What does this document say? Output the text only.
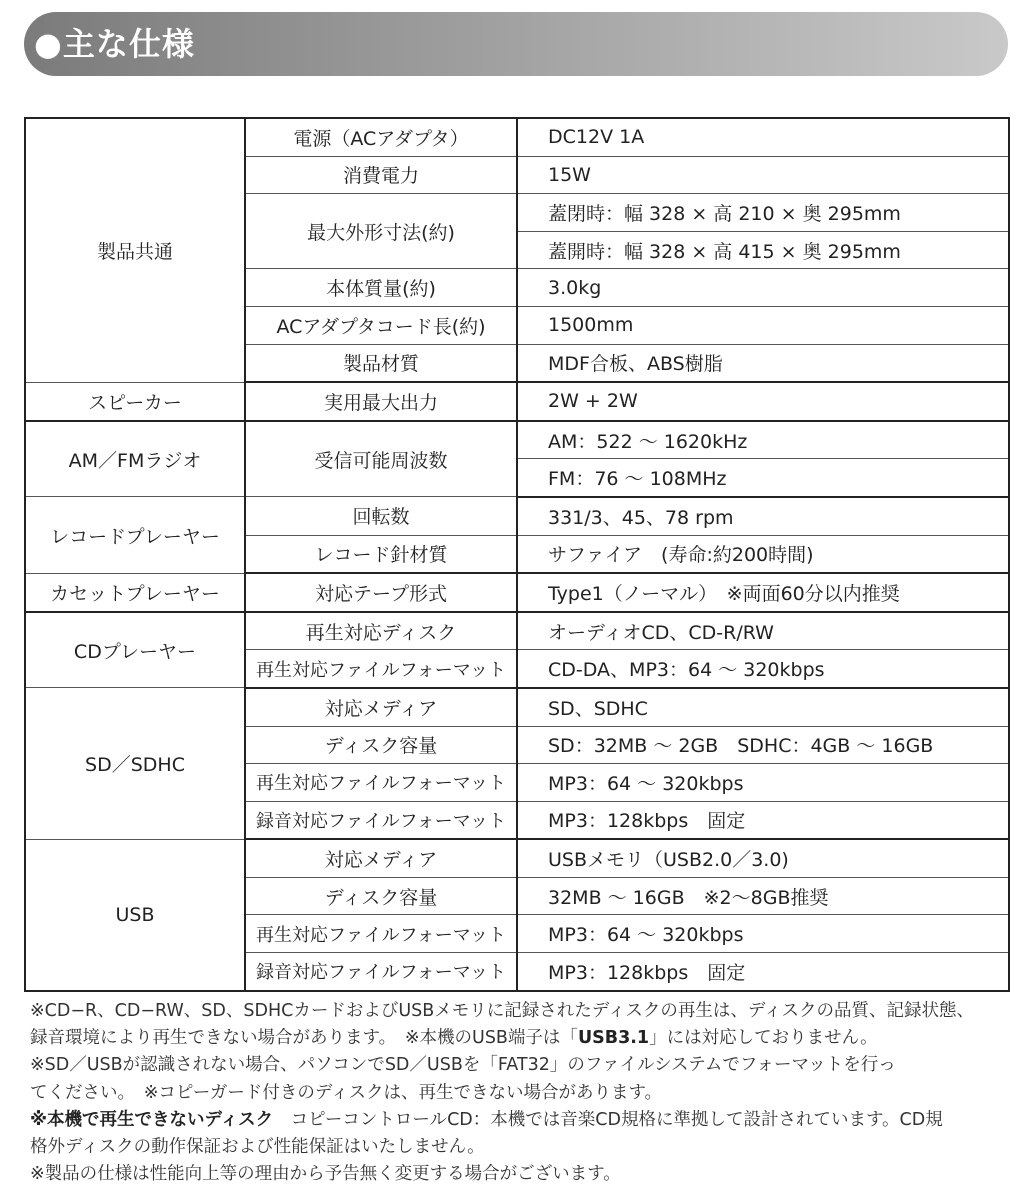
●主な仕様
製品共通	電源（ACアダプタ）	DC12V 1A
	消費電力	15W
	最大外形寸法(約)	蓋閉時：幅 328 × 高 210 × 奥 295mm
		蓋開時：幅 328 × 高 415 × 奥 295mm
	本体質量(約)	3.0kg
	ACアダプタコード長(約)	1500mm
	製品材質	MDF合板、ABS樹脂
スピーカー	実用最大出力	2W + 2W
AM／FMラジオ	受信可能周波数	AM：522 〜 1620kHz
		FM：76 〜 108MHz
レコードプレーヤー	回転数	331/3、45、78 rpm
	レコード針材質	サファイア　(寿命:約200時間)
カセットプレーヤー	対応テープ形式	Type1（ノーマル）　※両面60分以内推奨
CDプレーヤー	再生対応ディスク	オーディオCD、CD-R/RW
	再生対応ファイルフォーマット	CD-DA、MP3：64 〜 320kbps
SD／SDHC	対応メディア	SD、SDHC
	ディスク容量	SD：32MB 〜 2GB　SDHC：4GB 〜 16GB
	再生対応ファイルフォーマット	MP3：64 〜 320kbps
	録音対応ファイルフォーマット	MP3：128kbps　固定
USB	対応メディア	USBメモリ（USB2.0／3.0)
	ディスク容量	32MB 〜 16GB　※2〜8GB推奨
	再生対応ファイルフォーマット	MP3：64 〜 320kbps
	録音対応ファイルフォーマット	MP3：128kbps　固定

※CD−R、CD−RW、SD、SDHCカードおよびUSBメモリに記録されたディスクの再生は、ディスクの品質、記録状態、

録音環境により再生できない場合があります。　※本機のUSB端子は「USB3.1」には対応しておりません。

※SD／USBが認識されない場合、パソコンでSD／USBを「FAT32」のファイルシステムでフォーマットを行っ

てください。　※コピーガード付きのディスクは、再生できない場合があります。

※本機で再生できないディスク　コピーコントロールCD：本機では音楽CD規格に準拠して設計されています。CD規

格外ディスクの動作保証および性能保証はいたしません。

※製品の仕様は性能向上等の理由から予告無く変更する場合がございます。
